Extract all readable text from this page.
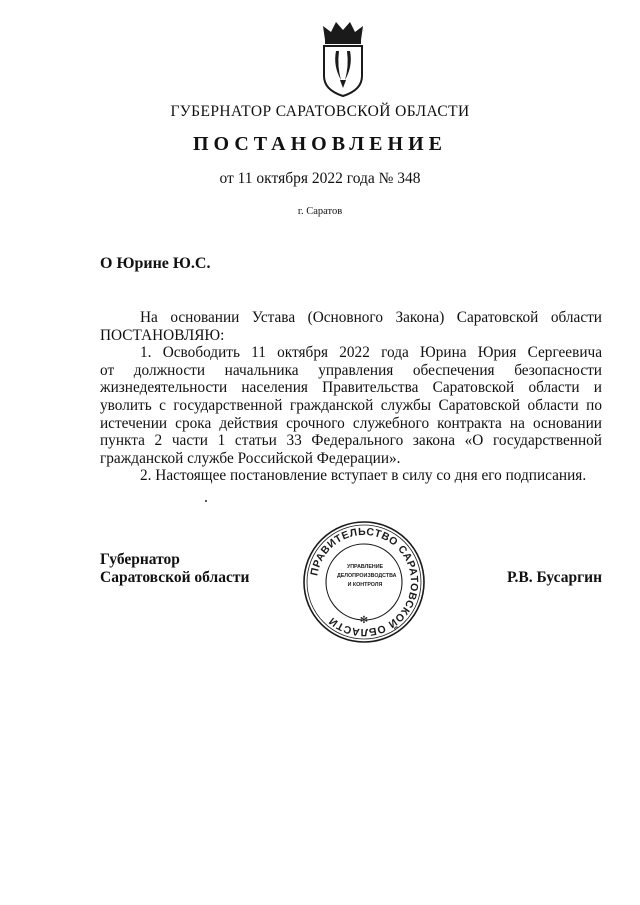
ГУБЕРНАТОР САРАТОВСКОЙ ОБЛАСТИ
ПОСТАНОВЛЕНИЕ
от 11 октября 2022 года № 348
г. Саратов
О Юрине Ю.С.

На основании Устава (Основного Закона) Саратовской области

ПОСТАНОВЛЯЮ:

1. Освободить 11 октября 2022 года Юрина Юрия Сергеевича

от должности начальника управления обеспечения безопасности

жизнедеятельности населения Правительства Саратовской области и уволить с государственной гражданской службы Саратовской области по истечении срока действия срочного служебного контракта на основании пункта 2 части 1 статьи 33 Федерального закона «О государственной гражданской службе Российской Федерации».

2. Настоящее постановление вступает в силу со дня его подписания.

Губернатор
Саратовской области	ПРАВИТЕЛЬСТВО САРАТОВСКОЙ ОБЛАСТИ	✻
УПРАВЛЕНИЕ
ДЕЛОПРОИЗВОДСТВА
И КОНТРОЛЯ	Р.В. Бусаргин
